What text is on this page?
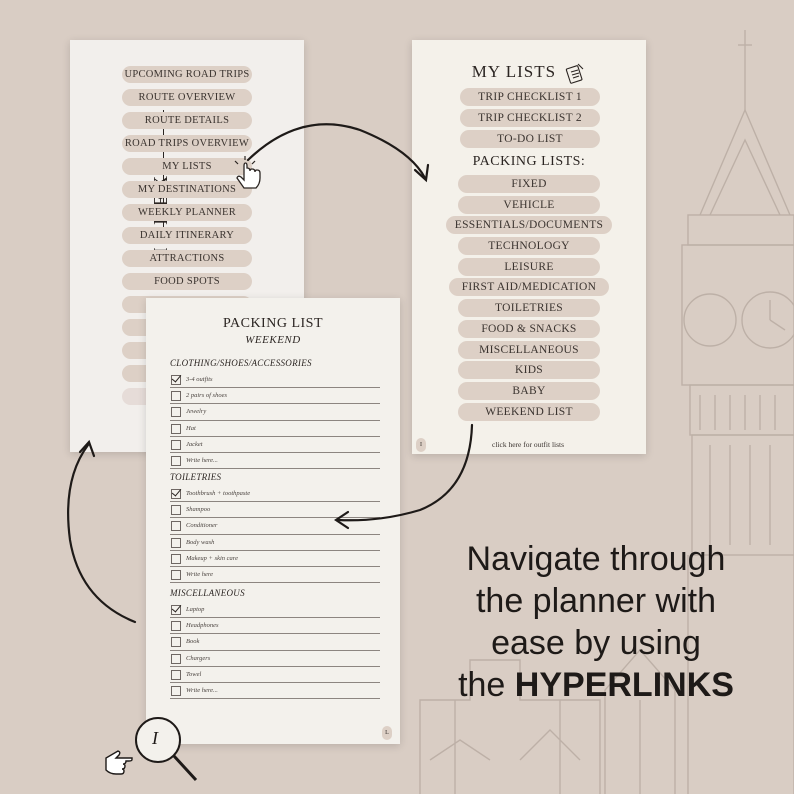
UPCOMING ROAD TRIPS
ROUTE OVERVIEW
ROUTE DETAILS
ROAD TRIPS OVERVIEW
MY LISTS
MY DESTINATIONS
WEEKLY PLANNER
DAILY ITINERARY
ATTRACTIONS
FOOD SPOTS
MY LISTS
TRIP CHECKLIST 1
TRIP CHECKLIST 2
TO-DO LIST
PACKING LISTS:
FIXED
VEHICLE
ESSENTIALS/DOCUMENTS
TECHNOLOGY
LEISURE
FIRST AID/MEDICATION
TOILETRIES
FOOD & SNACKS
MISCELLANEOUS
KIDS
BABY
WEEKEND LIST
I	click here for outfit lists
PACKING LIST
WEEKEND
CLOTHING/SHOES/ACCESSORIES
3-4 outfits
2 pairs of shoes
Jewelry
Hat
Jacket
Write here...
TOILETRIES
Toothbrush + toothpaste
Shampoo
Conditioner
Body wash
Makeup + skin care
Write here
MISCELLANEOUS
Laptop
Headphones
Book
Chargers
Towel
Write here...
L
I
Navigate through
the planner with
ease by using
the HYPERLINKS
